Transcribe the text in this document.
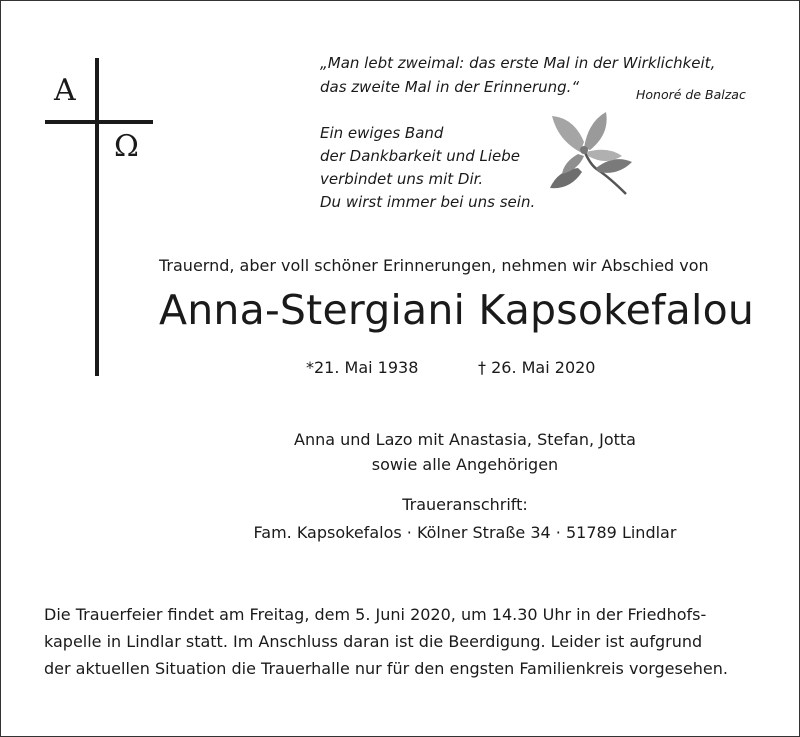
Α
Ω
„Man lebt zweimal: das erste Mal in der Wirklichkeit,
das zweite Mal in der Erinnerung.“	Honoré de Balzac
Ein ewiges Band
der Dankbarkeit und Liebe
verbindet uns mit Dir.
Du wirst immer bei uns sein.
Trauernd, aber voll schöner Erinnerungen, nehmen wir Abschied von
Anna-Stergiani Kapsokefalou
*21. Mai 1938	† 26. Mai 2020
Anna und Lazo mit Anastasia, Stefan, Jotta
sowie alle Angehörigen
Traueranschrift:
Fam. Kapsokefalos · Kölner Straße 34 · 51789 Lindlar
Die Trauerfeier findet am Freitag, dem 5. Juni 2020, um 14.30 Uhr in der Friedhofs-
kapelle in Lindlar statt. Im Anschluss daran ist die Beerdigung. Leider ist aufgrund
der aktuellen Situation die Trauerhalle nur für den engsten Familienkreis vorgesehen.
